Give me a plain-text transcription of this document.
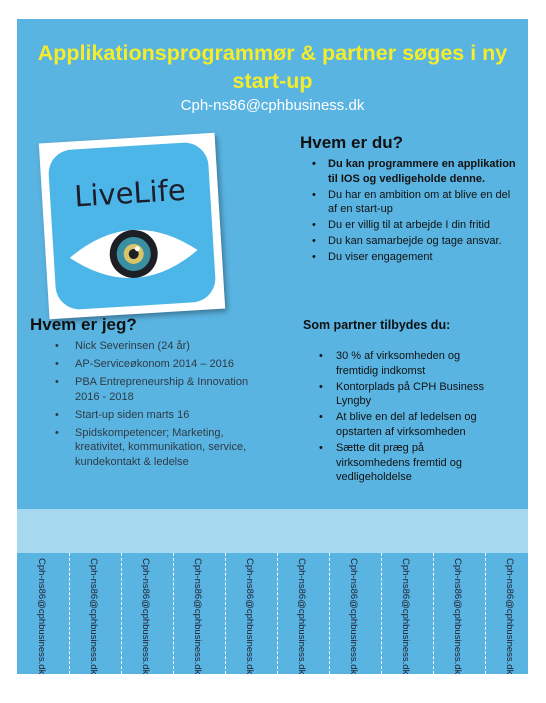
Applikationsprogrammør & partner søges i ny start-up
Cph-ns86@cphbusiness.dk
LiveLife
Hvem er du?
• Du kan programmere en applikation til IOS og vedligeholde denne.
• Du har en ambition om at blive en del af en start-up
• Du er villig til at arbejde I din fritid
• Du kan samarbejde og tage ansvar.
• Du viser engagement
Hvem er jeg?
• Nick Severinsen (24 år)
• AP-Serviceøkonom 2014 – 2016
• PBA Entrepreneurship & Innovation 2016 - 2018
• Start-up siden marts 16
• Spidskompetencer; Marketing, kreativitet, kommunikation, service, kundekontakt & ledelse
Som partner tilbydes du:
• 30 % af virksomheden og fremtidig indkomst
• Kontorplads på CPH Business Lyngby
• At blive en del af ledelsen og opstarten af virksomheden
• Sætte dit præg på virksomhedens fremtid og vedligeholdelse
Cph-ns86@cphbusiness.dk	Cph-ns86@cphbusiness.dk	Cph-ns86@cphbusiness.dk	Cph-ns86@cphbusiness.dk	Cph-ns86@cphbusiness.dk	Cph-ns86@cphbusiness.dk	Cph-ns86@cphbusiness.dk	Cph-ns86@cphbusiness.dk	Cph-ns86@cphbusiness.dk	Cph-ns86@cphbusiness.dk
